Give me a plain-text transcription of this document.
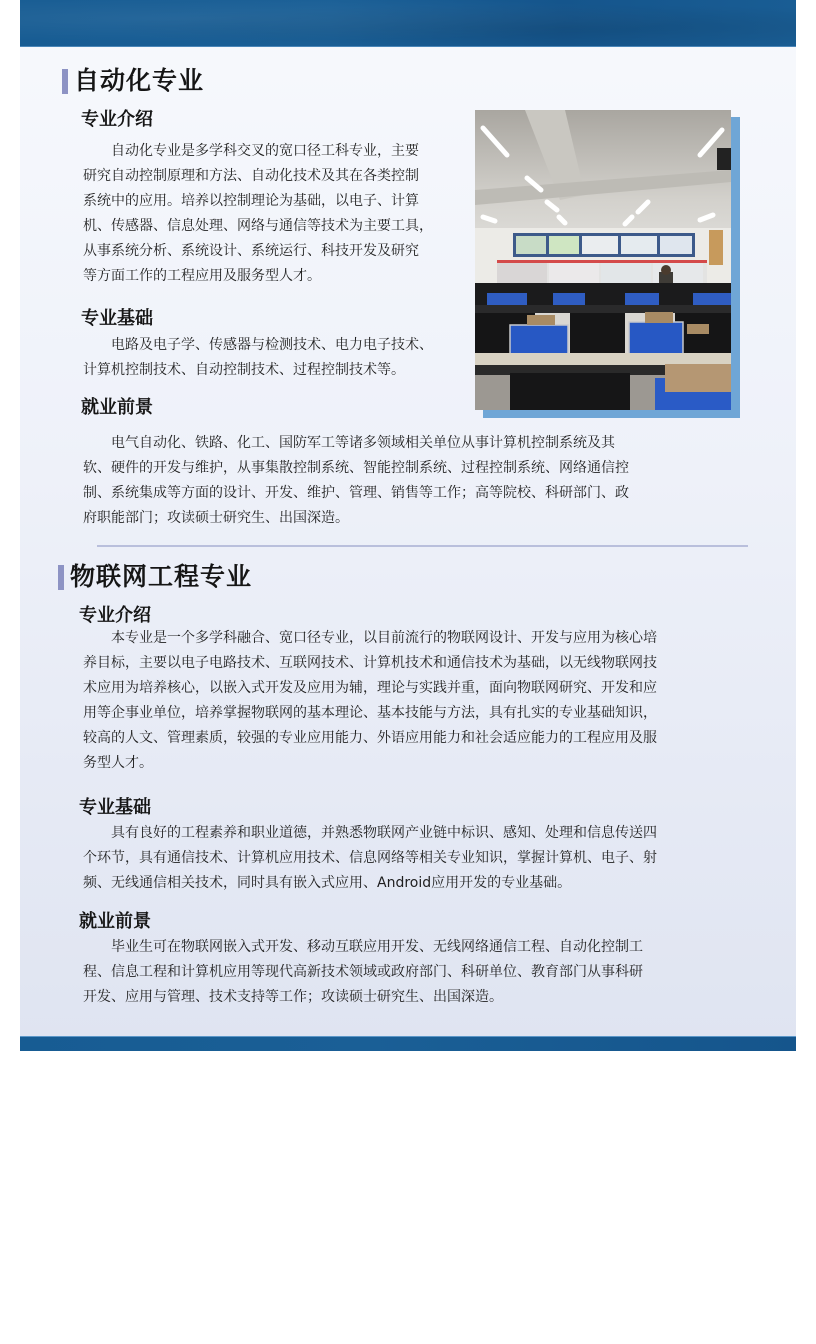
自动化专业
专业介绍
自动化专业是多学科交叉的宽口径工科专业，主要
研究自动控制原理和方法、自动化技术及其在各类控制
系统中的应用。培养以控制理论为基础，以电子、计算
机、传感器、信息处理、网络与通信等技术为主要工具，
从事系统分析、系统设计、系统运行、科技开发及研究
等方面工作的工程应用及服务型人才。
专业基础
电路及电子学、传感器与检测技术、电力电子技术、
计算机控制技术、自动控制技术、过程控制技术等。
就业前景
电气自动化、铁路、化工、国防军工等诸多领域相关单位从事计算机控制系统及其
软、硬件的开发与维护，从事集散控制系统、智能控制系统、过程控制系统、网络通信控
制、系统集成等方面的设计、开发、维护、管理、销售等工作；高等院校、科研部门、政
府职能部门；攻读硕士研究生、出国深造。
物联网工程专业
专业介绍
本专业是一个多学科融合、宽口径专业，以目前流行的物联网设计、开发与应用为核心培
养目标，主要以电子电路技术、互联网技术、计算机技术和通信技术为基础，以无线物联网技
术应用为培养核心，以嵌入式开发及应用为辅，理论与实践并重，面向物联网研究、开发和应
用等企事业单位，培养掌握物联网的基本理论、基本技能与方法，具有扎实的专业基础知识，
较高的人文、管理素质，较强的专业应用能力、外语应用能力和社会适应能力的工程应用及服
务型人才。
专业基础
具有良好的工程素养和职业道德，并熟悉物联网产业链中标识、感知、处理和信息传送四
个环节，具有通信技术、计算机应用技术、信息网络等相关专业知识，掌握计算机、电子、射
频、无线通信相关技术，同时具有嵌入式应用、Android应用开发的专业基础。
就业前景
毕业生可在物联网嵌入式开发、移动互联应用开发、无线网络通信工程、自动化控制工
程、信息工程和计算机应用等现代高新技术领域或政府部门、科研单位、教育部门从事科研
开发、应用与管理、技术支持等工作；攻读硕士研究生、出国深造。
